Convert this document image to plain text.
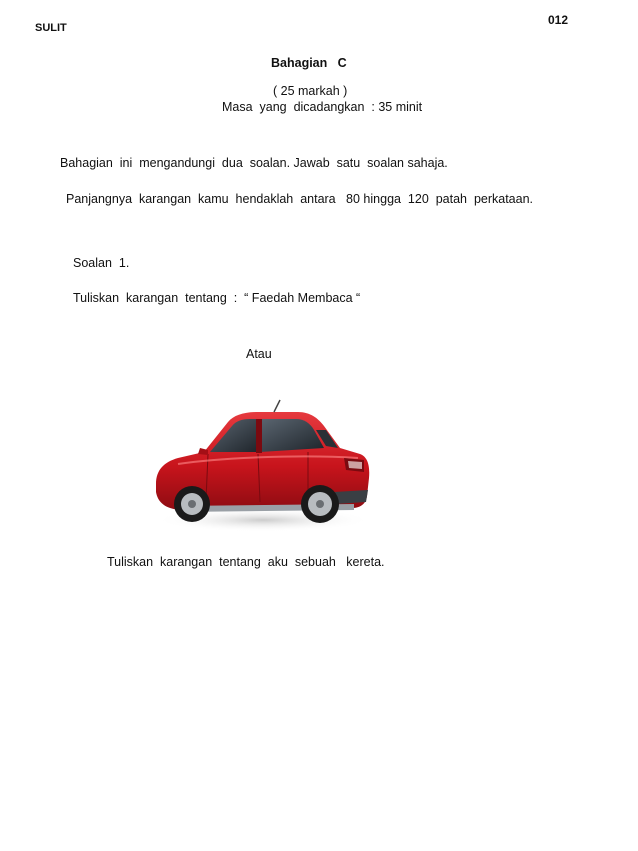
SULIT
012
Bahagian   C
( 25 markah )
Masa  yang  dicadangkan  : 35 minit
Bahagian  ini  mengandungi  dua  soalan. Jawab  satu  soalan sahaja.
Panjangnya  karangan  kamu  hendaklah  antara   80 hingga  120  patah  perkataan.
Soalan  1.
Tuliskan  karangan  tentang  :  “ Faedah Membaca “
Atau
Tuliskan  karangan  tentang  aku  sebuah   kereta.
